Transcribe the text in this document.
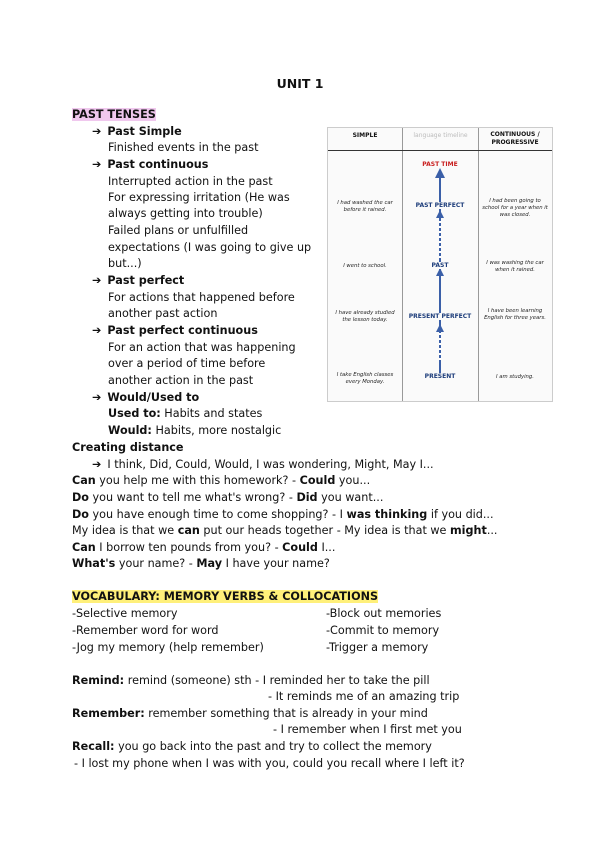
UNIT 1
PAST TENSES
➔ Past Simple
Finished events in the past
➔ Past continuous
Interrupted action in the past
For expressing irritation (He was
always getting into trouble)
Failed plans or unfulfilled
expectations (I was going to give up
but...)
➔ Past perfect
For actions that happened before
another past action
➔ Past perfect continuous
For an action that was happening
over a period of time before
another action in the past
➔ Would/Used to
Used to: Habits and states
Would: Habits, more nostalgic
SIMPLE	language timeline	CONTINUOUS / PROGRESSIVE
PAST TIME
PAST PERFECT
PAST
PRESENT PERFECT
PRESENT
I had washed the car before it rained.
I went to school.
I have already studied the lesson today.
I take English classes every Monday.
I had been going to school for a year when it was closed.
I was washing the car when it rained.
I have been learning English for three years.
I am studying.
Creating distance
➔ I think, Did, Could, Would, I was wondering, Might, May I...
Can you help me with this homework? - Could you...
Do you want to tell me what's wrong? - Did you want...
Do you have enough time to come shopping? - I was thinking if you did...
My idea is that we can put our heads together - My idea is that we might...
Can I borrow ten pounds from you? - Could I...
What's your name? - May I have your name?
VOCABULARY: MEMORY VERBS & COLLOCATIONS
-Selective memory
-Remember word for word
-Jog my memory (help remember)
-Block out memories
-Commit to memory
-Trigger a memory
Remind: remind (someone) sth - I reminded her to take the pill
- It reminds me of an amazing trip
Remember: remember something that is already in your mind
- I remember when I first met you
Recall: you go back into the past and try to collect the memory
- I lost my phone when I was with you, could you recall where I left it?
